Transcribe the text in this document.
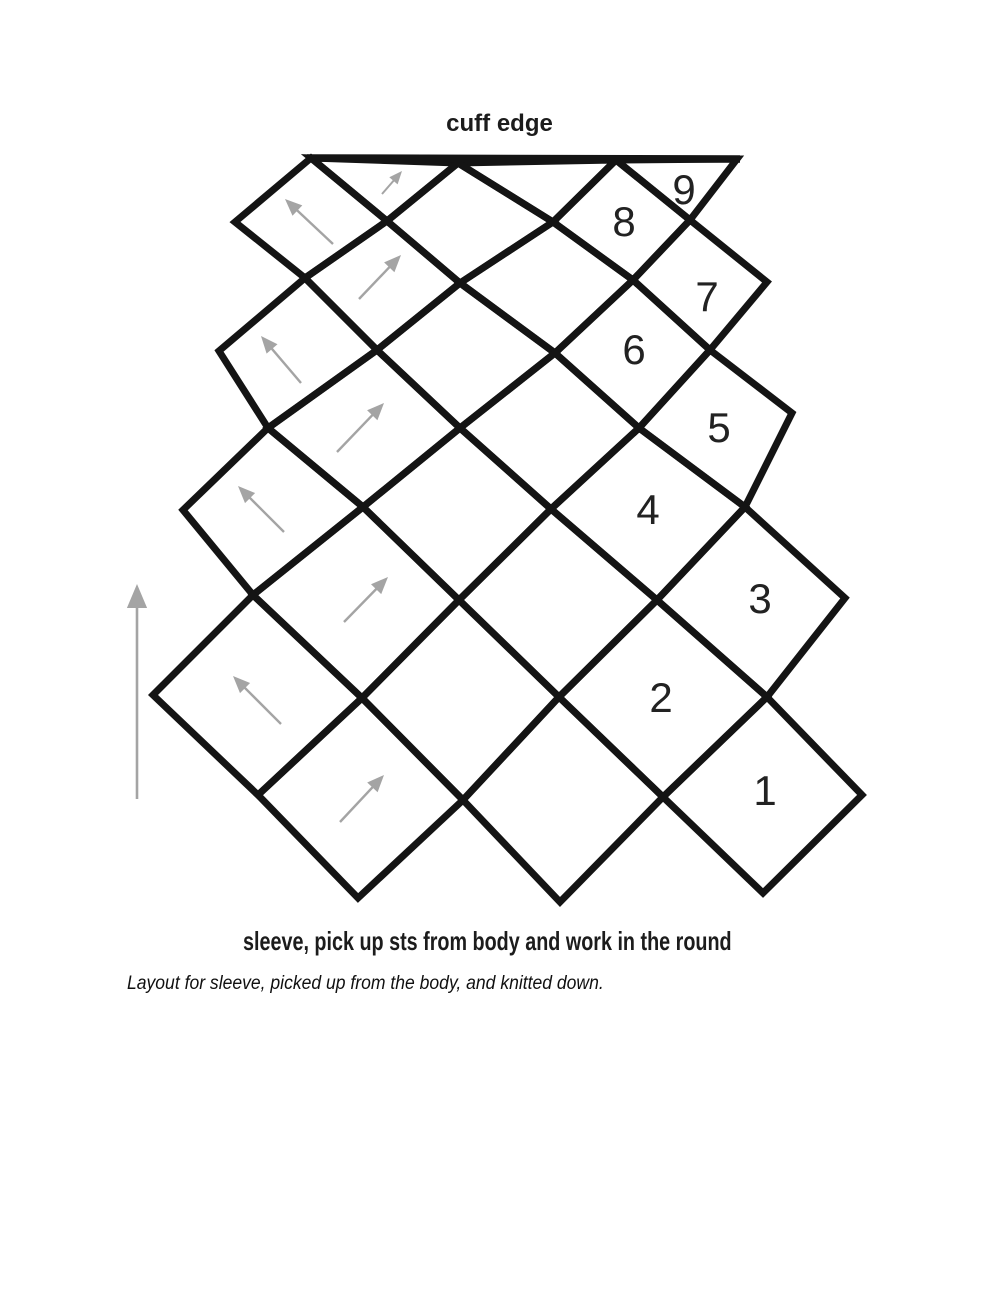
cuff edge
9
8
7
6
5
4
3
2
1
sleeve, pick up sts from body and work in the round
Layout for sleeve, picked up from the body, and knitted down.
